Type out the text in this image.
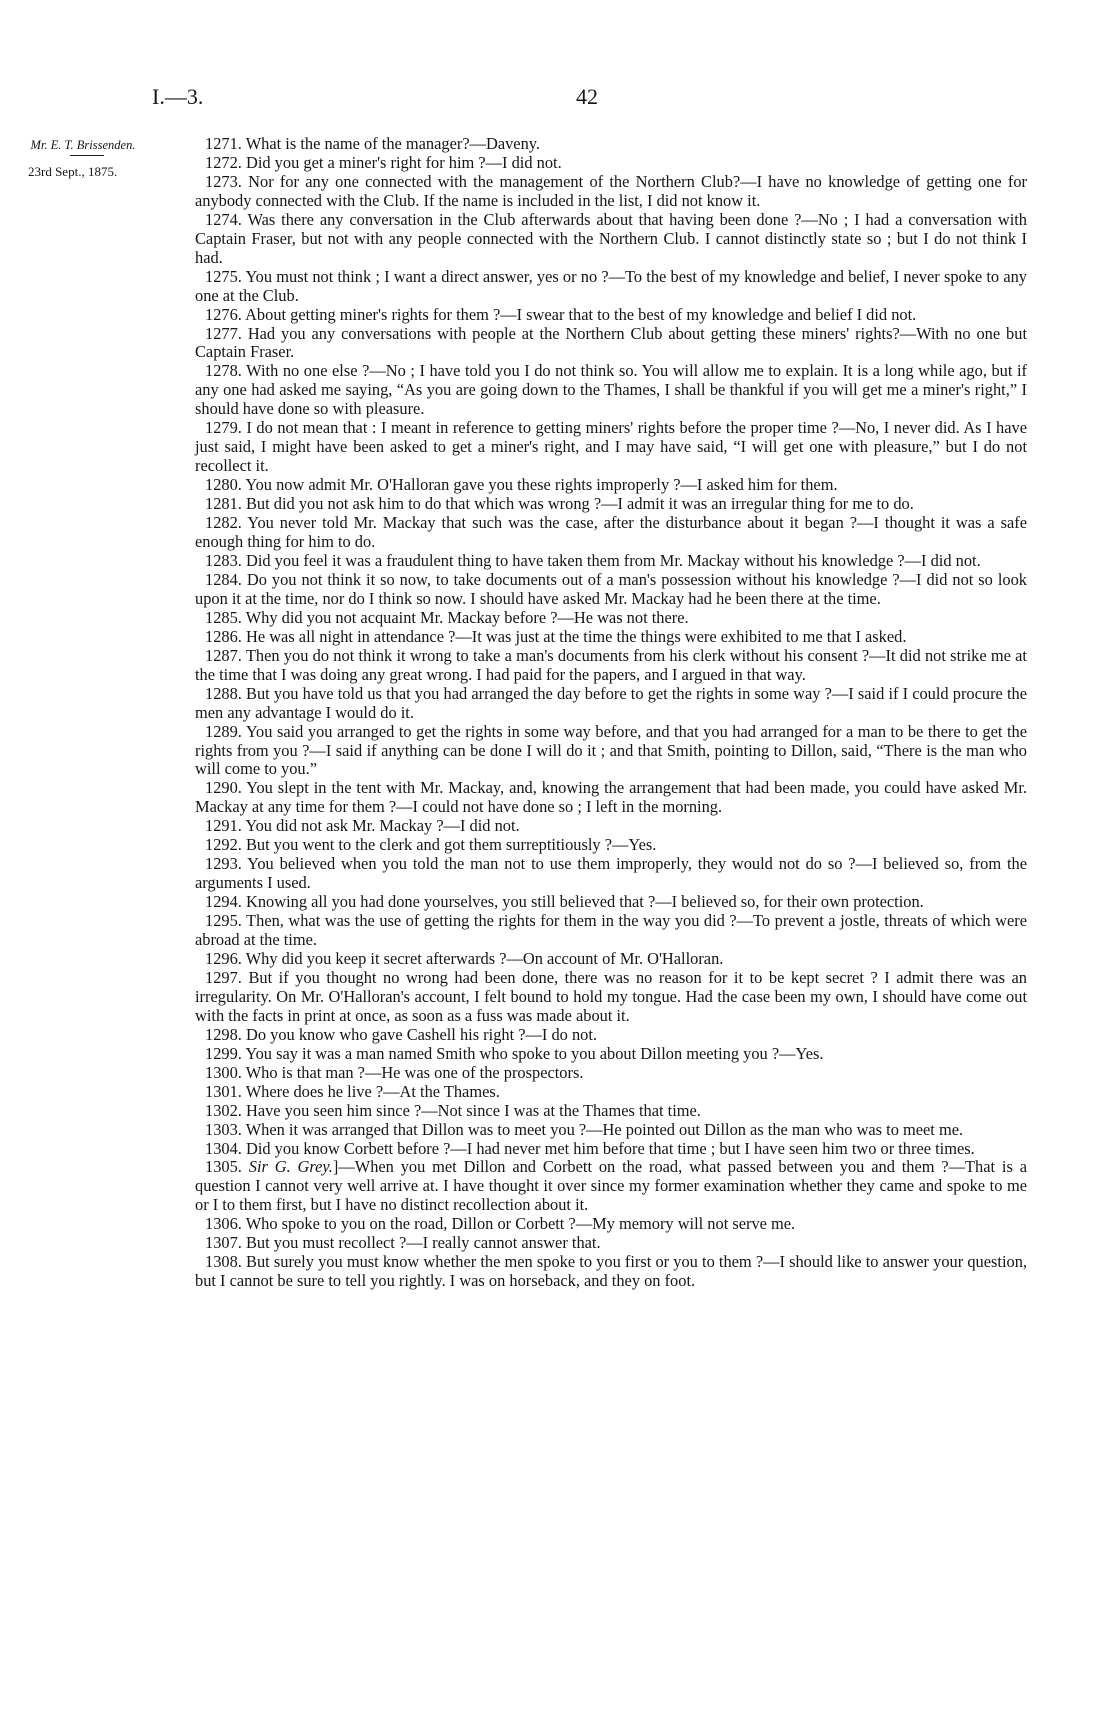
I.—3.	42
Mr. E. T. Brissenden.
23rd Sept., 1875.

1271. What is the name of the manager?—Daveny.

1272. Did you get a miner's right for him ?—I did not.

1273. Nor for any one connected with the management of the Northern Club?—I have no knowledge of getting one for anybody connected with the Club. If the name is included in the list, I did not know it.

1274. Was there any conversation in the Club afterwards about that having been done ?—No ; I had a conversation with Captain Fraser, but not with any people connected with the Northern Club. I cannot distinctly state so ; but I do not think I had.

1275. You must not think ; I want a direct answer, yes or no ?—To the best of my knowledge and belief, I never spoke to any one at the Club.

1276. About getting miner's rights for them ?—I swear that to the best of my knowledge and belief I did not.

1277. Had you any conversations with people at the Northern Club about getting these miners' rights?—With no one but Captain Fraser.

1278. With no one else ?—No ; I have told you I do not think so. You will allow me to explain. It is a long while ago, but if any one had asked me saying, “As you are going down to the Thames, I shall be thankful if you will get me a miner's right,” I should have done so with pleasure.

1279. I do not mean that : I meant in reference to getting miners' rights before the proper time ?—No, I never did. As I have just said, I might have been asked to get a miner's right, and I may have said, “I will get one with pleasure,” but I do not recollect it.

1280. You now admit Mr. O'Halloran gave you these rights improperly ?—I asked him for them.

1281. But did you not ask him to do that which was wrong ?—I admit it was an irregular thing for me to do.

1282. You never told Mr. Mackay that such was the case, after the disturbance about it began ?—I thought it was a safe enough thing for him to do.

1283. Did you feel it was a fraudulent thing to have taken them from Mr. Mackay without his knowledge ?—I did not.

1284. Do you not think it so now, to take documents out of a man's possession without his knowledge ?—I did not so look upon it at the time, nor do I think so now. I should have asked Mr. Mackay had he been there at the time.

1285. Why did you not acquaint Mr. Mackay before ?—He was not there.

1286. He was all night in attendance ?—It was just at the time the things were exhibited to me that I asked.

1287. Then you do not think it wrong to take a man's documents from his clerk without his consent ?—It did not strike me at the time that I was doing any great wrong. I had paid for the papers, and I argued in that way.

1288. But you have told us that you had arranged the day before to get the rights in some way ?—I said if I could procure the men any advantage I would do it.

1289. You said you arranged to get the rights in some way before, and that you had arranged for a man to be there to get the rights from you ?—I said if anything can be done I will do it ; and that Smith, pointing to Dillon, said, “There is the man who will come to you.”

1290. You slept in the tent with Mr. Mackay, and, knowing the arrangement that had been made, you could have asked Mr. Mackay at any time for them ?—I could not have done so ; I left in the morning.

1291. You did not ask Mr. Mackay ?—I did not.

1292. But you went to the clerk and got them surreptitiously ?—Yes.

1293. You believed when you told the man not to use them improperly, they would not do so ?—I believed so, from the arguments I used.

1294. Knowing all you had done yourselves, you still believed that ?—I believed so, for their own protection.

1295. Then, what was the use of getting the rights for them in the way you did ?—To prevent a jostle, threats of which were abroad at the time.

1296. Why did you keep it secret afterwards ?—On account of Mr. O'Halloran.

1297. But if you thought no wrong had been done, there was no reason for it to be kept secret ? I admit there was an irregularity. On Mr. O'Halloran's account, I felt bound to hold my tongue. Had the case been my own, I should have come out with the facts in print at once, as soon as a fuss was made about it.

1298. Do you know who gave Cashell his right ?—I do not.

1299. You say it was a man named Smith who spoke to you about Dillon meeting you ?—Yes.

1300. Who is that man ?—He was one of the prospectors.

1301. Where does he live ?—At the Thames.

1302. Have you seen him since ?—Not since I was at the Thames that time.

1303. When it was arranged that Dillon was to meet you ?—He pointed out Dillon as the man who was to meet me.

1304. Did you know Corbett before ?—I had never met him before that time ; but I have seen him two or three times.

1305. Sir G. Grey.]—When you met Dillon and Corbett on the road, what passed between you and them ?—That is a question I cannot very well arrive at. I have thought it over since my former examination whether they came and spoke to me or I to them first, but I have no distinct recollection about it.

1306. Who spoke to you on the road, Dillon or Corbett ?—My memory will not serve me.

1307. But you must recollect ?—I really cannot answer that.

1308. But surely you must know whether the men spoke to you first or you to them ?—I should like to answer your question, but I cannot be sure to tell you rightly. I was on horseback, and they on foot.
